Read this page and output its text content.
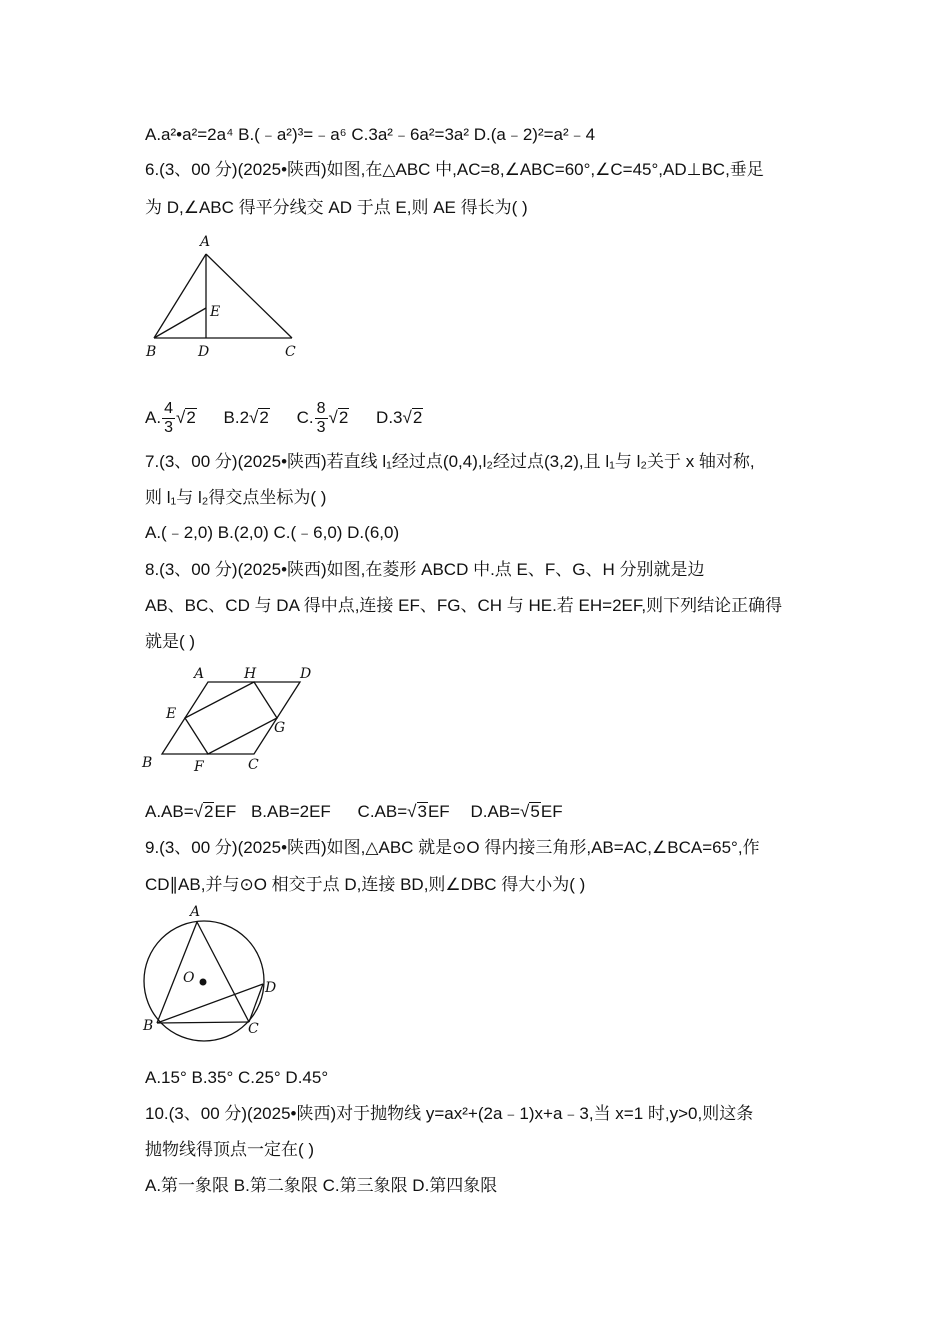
A.a²•a²=2a⁴ B.(﹣a²)³=﹣a⁶ C.3a²﹣6a²=3a² D.(a﹣2)²=a²﹣4
6.(3、00 分)(2025•陕西)如图,在△ABC 中,AC=8,∠ABC=60°,∠C=45°,AD⊥BC,垂足
为 D,∠ABC 得平分线交 AD 于点 E,则 AE 得长为( )
A
B	D	C
E
A. $\frac{4}{3} √2$ B.2√2 C. $\frac{8}{3} √2$ D.3√2
7.(3、00 分)(2025•陕西)若直线 l₁经过点(0,4),l₂经过点(3,2),且 l₁与 l₂关于 x 轴对称,
则 l₁与 l₂得交点坐标为( )
A.(﹣2,0) B.(2,0) C.(﹣6,0) D.(6,0)
8.(3、00 分)(2025•陕西)如图,在菱形 ABCD 中.点 E、F、G、H 分别就是边
AB、BC、CD 与 DA 得中点,连接 EF、FG、CH 与 HE.若 EH=2EF,则下列结论正确得
就是( )
A	H	D
E
G
B	F	C
A.AB=√2EF B.AB=2EF C.AB=√3EF D.AB=√5EF
9.(3、00 分)(2025•陕西)如图,△ABC 就是⊙O 得内接三角形,AB=AC,∠BCA=65°,作
CD∥AB,并与⊙O 相交于点 D,连接 BD,则∠DBC 得大小为( )
A
O
D
B	C
A.15° B.35° C.25° D.45°
10.(3、00 分)(2025•陕西)对于抛物线 y=ax²+(2a﹣1)x+a﹣3,当 x=1 时,y>0,则这条
抛物线得顶点一定在( )
A.第一象限 B.第二象限 C.第三象限 D.第四象限
